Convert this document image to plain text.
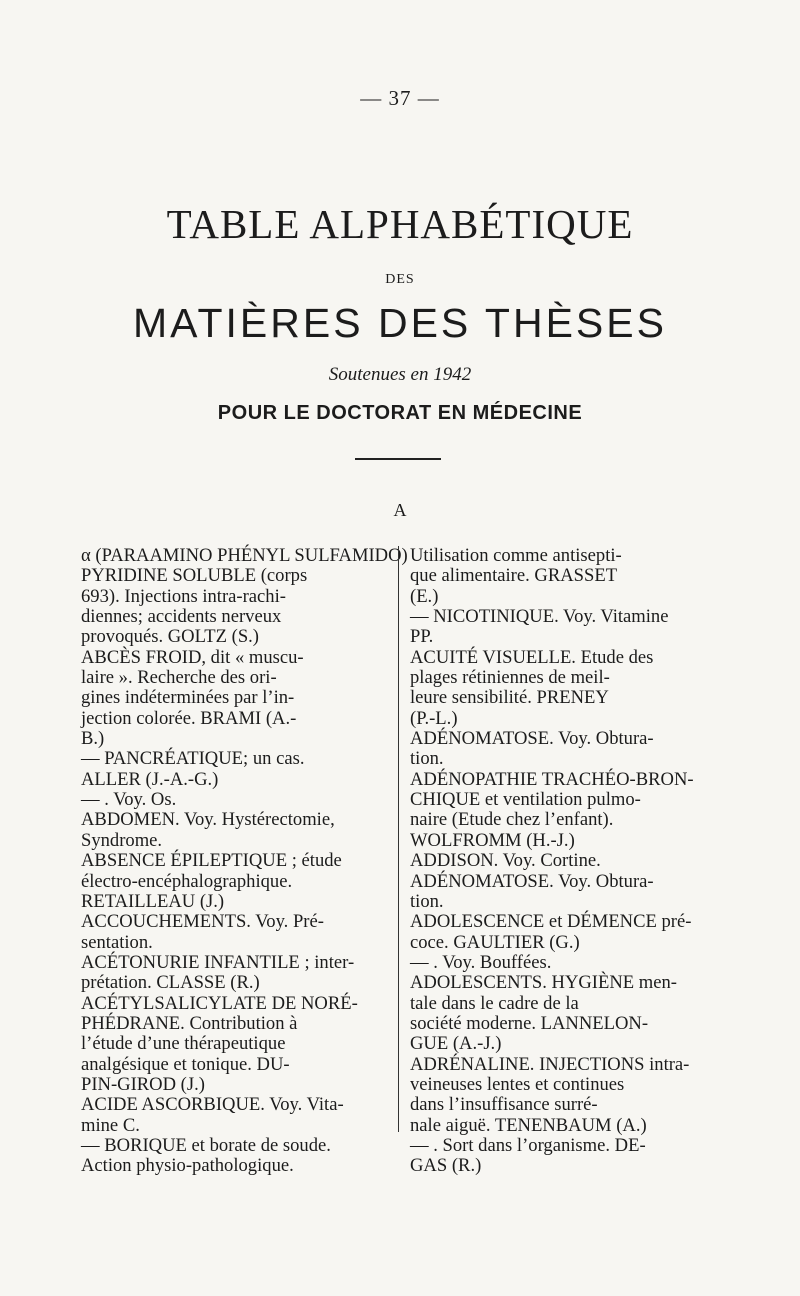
— 37 —
TABLE ALPHABÉTIQUE
DES
MATIÈRES DES THÈSES
Soutenues en 1942
POUR LE DOCTORAT EN MÉDECINE
A
α (PARAAMINO PHÉNYL SULFAMIDO)
PYRIDINE SOLUBLE (corps
693). Injections intra-rachi-
diennes; accidents nerveux
provoqués. GOLTZ (S.)
ABCÈS FROID, dit « muscu-
laire ». Recherche des ori-
gines indéterminées par l’in-
jection colorée. BRAMI (A.-
B.)
— PANCRÉATIQUE; un cas.
ALLER (J.-A.-G.)
— . Voy. Os.
ABDOMEN. Voy. Hystérectomie,
Syndrome.
ABSENCE ÉPILEPTIQUE ; étude
électro-encéphalographique.
RETAILLEAU (J.)
ACCOUCHEMENTS. Voy. Pré-
sentation.
ACÉTONURIE INFANTILE ; inter-
prétation. CLASSE (R.)
ACÉTYLSALICYLATE DE NORÉ-
PHÉDRANE. Contribution à
l’étude d’une thérapeutique
analgésique et tonique. DU-
PIN-GIROD (J.)
ACIDE ASCORBIQUE. Voy. Vita-
mine C.
— BORIQUE et borate de soude.
Action physio-pathologique.
Utilisation comme antisepti-
que alimentaire. GRASSET
(E.)
— NICOTINIQUE. Voy. Vitamine
PP.
ACUITÉ VISUELLE. Etude des
plages rétiniennes de meil-
leure sensibilité. PRENEY
(P.-L.)
ADÉNOMATOSE. Voy. Obtura-
tion.
ADÉNOPATHIE TRACHÉO-BRON-
CHIQUE et ventilation pulmo-
naire (Etude chez l’enfant).
WOLFROMM (H.-J.)
ADDISON. Voy. Cortine.
ADÉNOMATOSE. Voy. Obtura-
tion.
ADOLESCENCE et DÉMENCE pré-
coce. GAULTIER (G.)
— . Voy. Bouffées.
ADOLESCENTS. HYGIÈNE men-
tale dans le cadre de la
société moderne. LANNELON-
GUE (A.-J.)
ADRÉNALINE. INJECTIONS intra-
veineuses lentes et continues
dans l’insuffisance surré-
nale aiguë. TENENBAUM (A.)
— . Sort dans l’organisme. DE-
GAS (R.)
